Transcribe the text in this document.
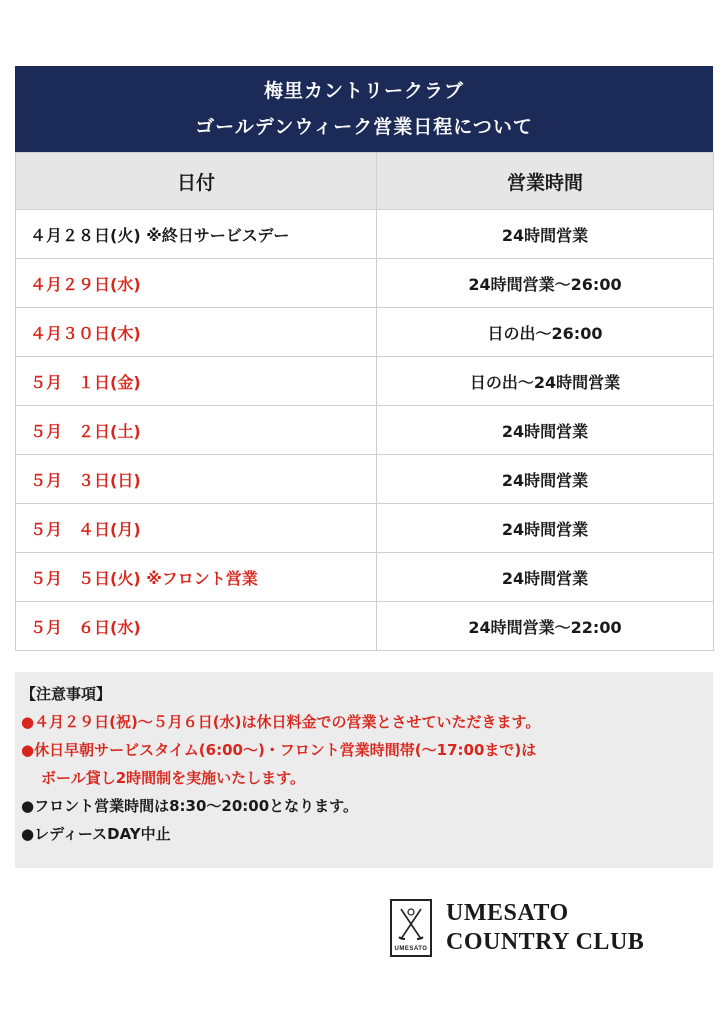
梅里カントリークラブ
ゴールデンウィーク営業日程について
日付	営業時間
４月２８日(火) ※終日サービスデー	24時間営業
４月２９日(水)	24時間営業～26:00
４月３０日(木)	日の出～26:00
５月　１日(金)	日の出～24時間営業
５月　２日(土)	24時間営業
５月　３日(日)	24時間営業
５月　４日(月)	24時間営業
５月　５日(火) ※フロント営業	24時間営業
５月　６日(水)	24時間営業～22:00
【注意事項】
●４月２９日(祝)～５月６日(水)は休日料金での営業とさせていただきます。
●休日早朝サービスタイム(6:00～)・フロント営業時間帯(～17:00まで)は
ボール貸し2時間制を実施いたします。
●フロント営業時間は8:30～20:00となります。
●レディースDAY中止
UMESATO
UMESATO
COUNTRY CLUB
